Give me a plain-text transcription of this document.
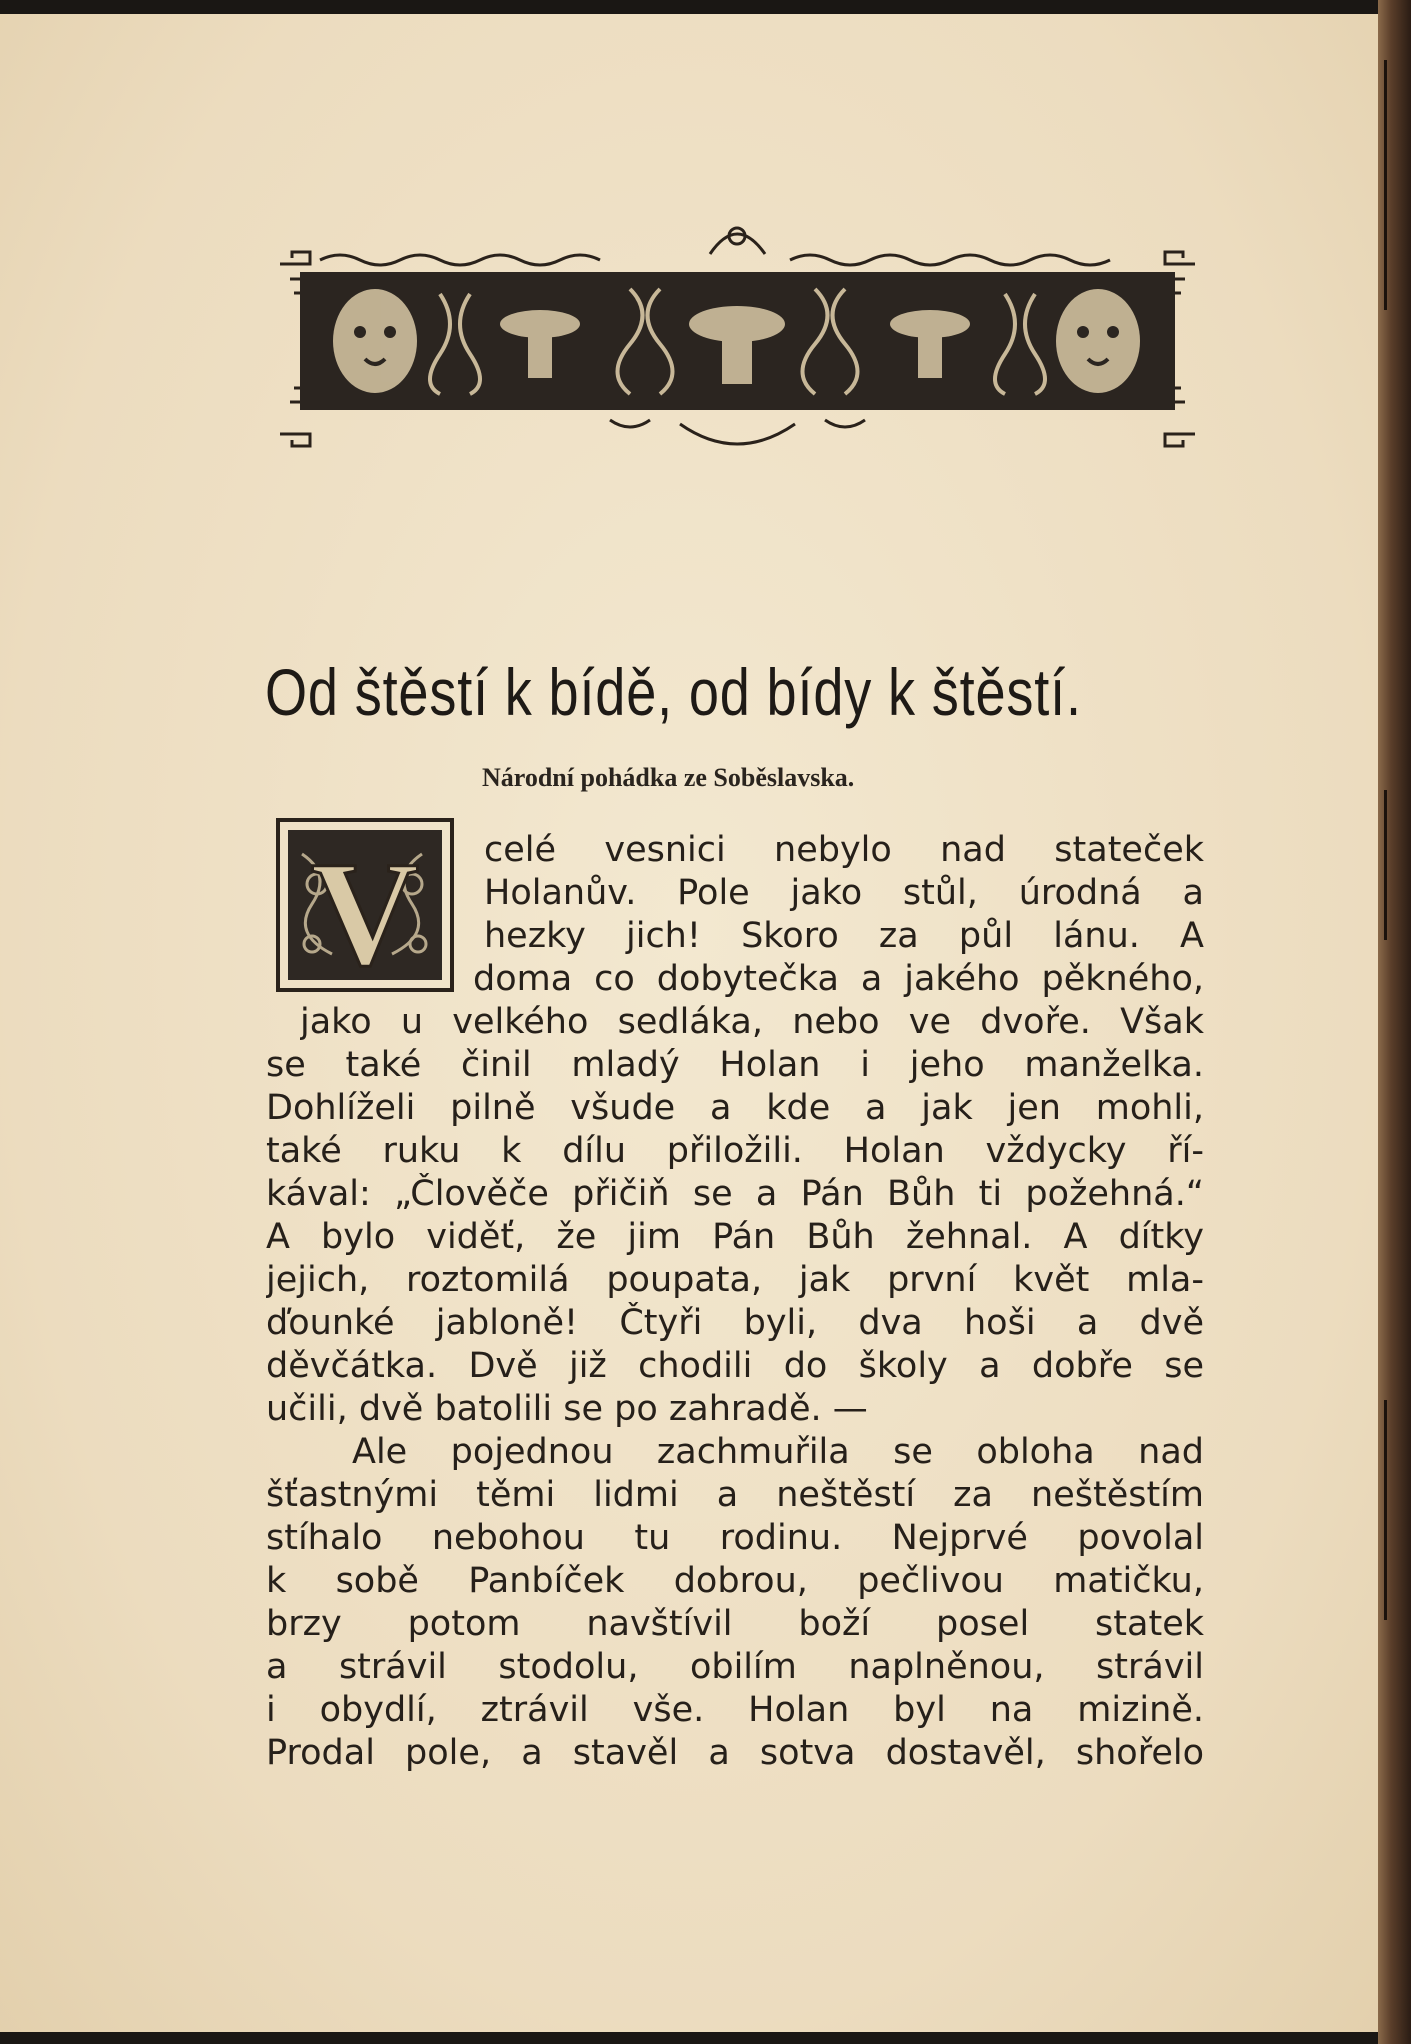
Od štěstí k bídě, od bídy k štěstí.
Národní pohádka ze Soběslavska.
V celé vesnici nebylo nad stateček
Holanův. Pole jako stůl, úrodná a
hezky jich! Skoro za půl lánu. A
doma co dobytečka a jakého pěkného,
jako u velkého sedláka, nebo ve dvoře. Však
se také činil mladý Holan i jeho manželka.
Dohlíželi pilně všude a kde a jak jen mohli,
také ruku k dílu přiložili. Holan vždycky ří-
kával: „Člověče přičiň se a Pán Bůh ti požehná.“
A bylo viděť, že jim Pán Bůh žehnal. A dítky
jejich, roztomilá poupata, jak první květ mla-
ďounké jabloně! Čtyři byli, dva hoši a dvě
děvčátka. Dvě již chodili do školy a dobře se
učili, dvě batolili se po zahradě. —
Ale pojednou zachmuřila se obloha nad
šťastnými těmi lidmi a neštěstí za neštěstím
stíhalo nebohou tu rodinu. Nejprvé povolal
k sobě Panbíček dobrou, pečlivou matičku,
brzy potom navštívil boží posel statek
a strávil stodolu, obilím naplněnou, strávil
i obydlí, ztrávil vše. Holan byl na mizině.
Prodal pole, a stavěl a sotva dostavěl, shořelo
